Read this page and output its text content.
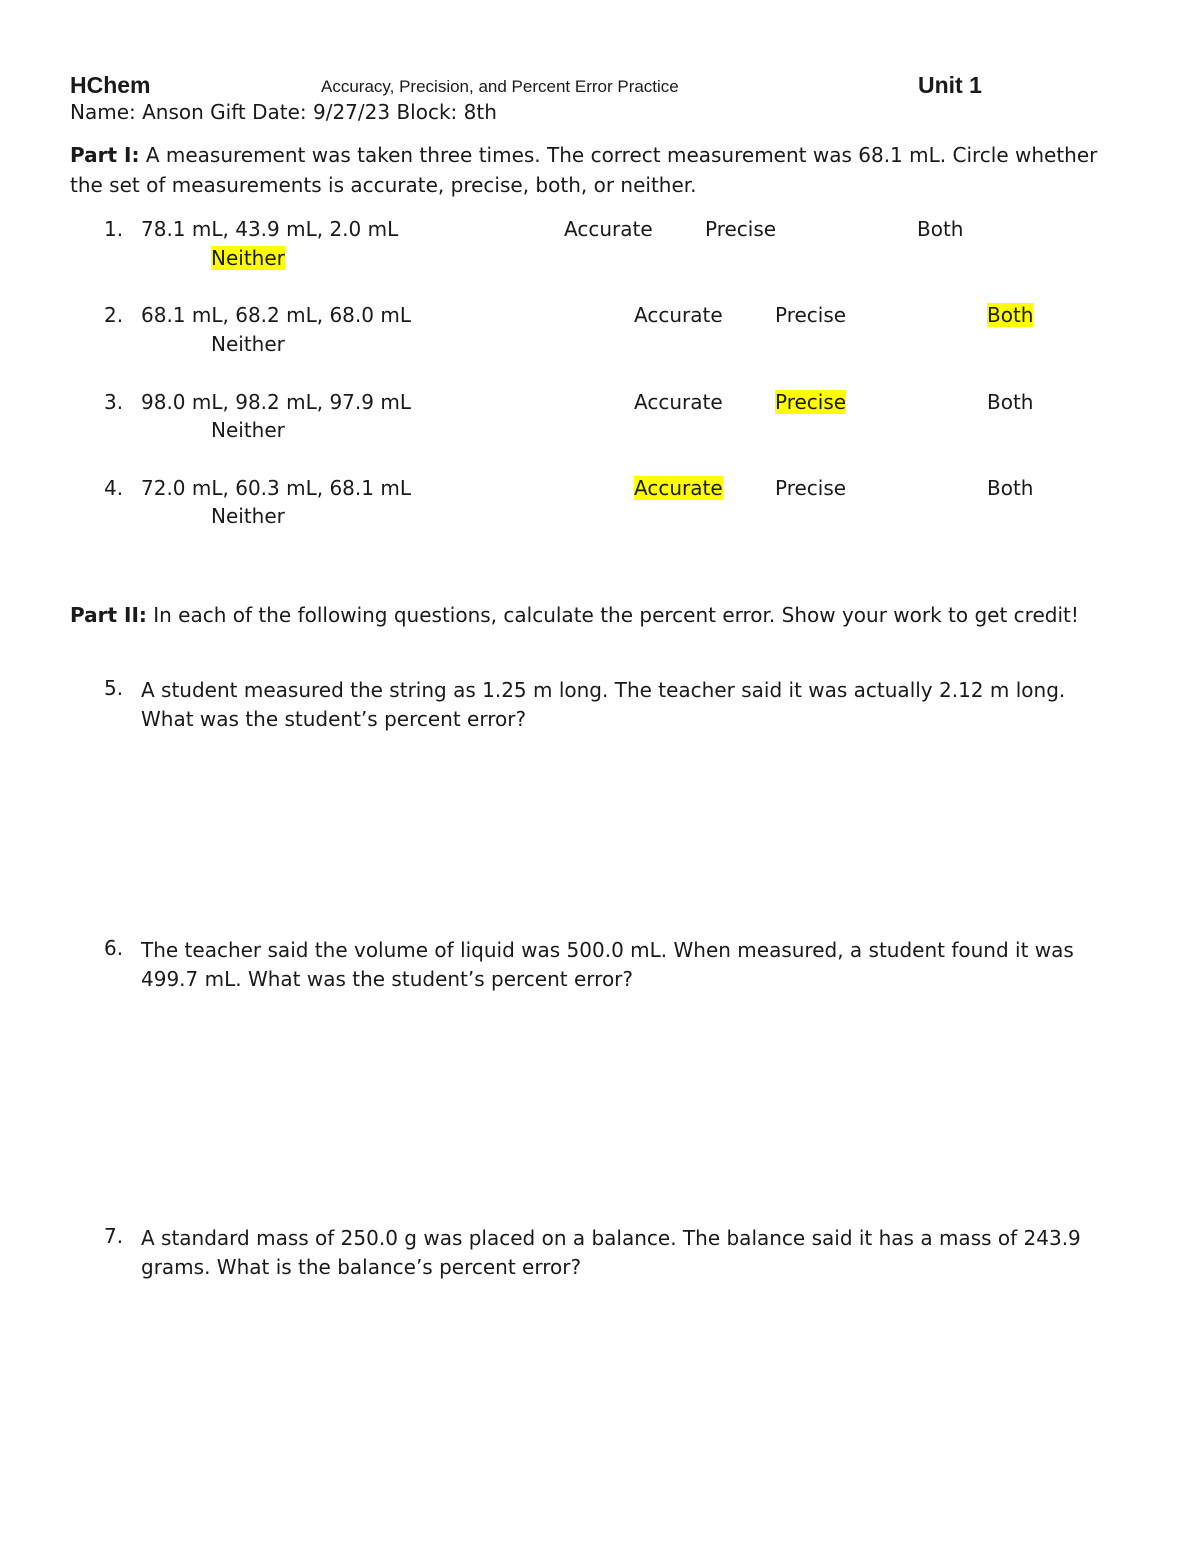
HChem	Accuracy, Precision, and Percent Error Practice	Unit 1
Name: Anson Gift Date: 9/27/23 Block: 8th
Part I: A measurement was taken three times. The correct measurement was 68.1 mL. Circle whether the set of measurements is accurate, precise, both, or neither.
1. 78.1 mL, 43.9 mL, 2.0 mL	Accurate	Precise	Both
Neither
2. 68.1 mL, 68.2 mL, 68.0 mL	Accurate	Precise	Both
Neither
3. 98.0 mL, 98.2 mL, 97.9 mL	Accurate	Precise	Both
Neither
4. 72.0 mL, 60.3 mL, 68.1 mL	Accurate	Precise	Both
Neither
Part II: In each of the following questions, calculate the percent error. Show your work to get credit!
5. A student measured the string as 1.25 m long. The teacher said it was actually 2.12 m long. What was the student’s percent error?
6. The teacher said the volume of liquid was 500.0 mL. When measured, a student found it was 499.7 mL. What was the student’s percent error?
7. A standard mass of 250.0 g was placed on a balance. The balance said it has a mass of 243.9 grams. What is the balance’s percent error?
